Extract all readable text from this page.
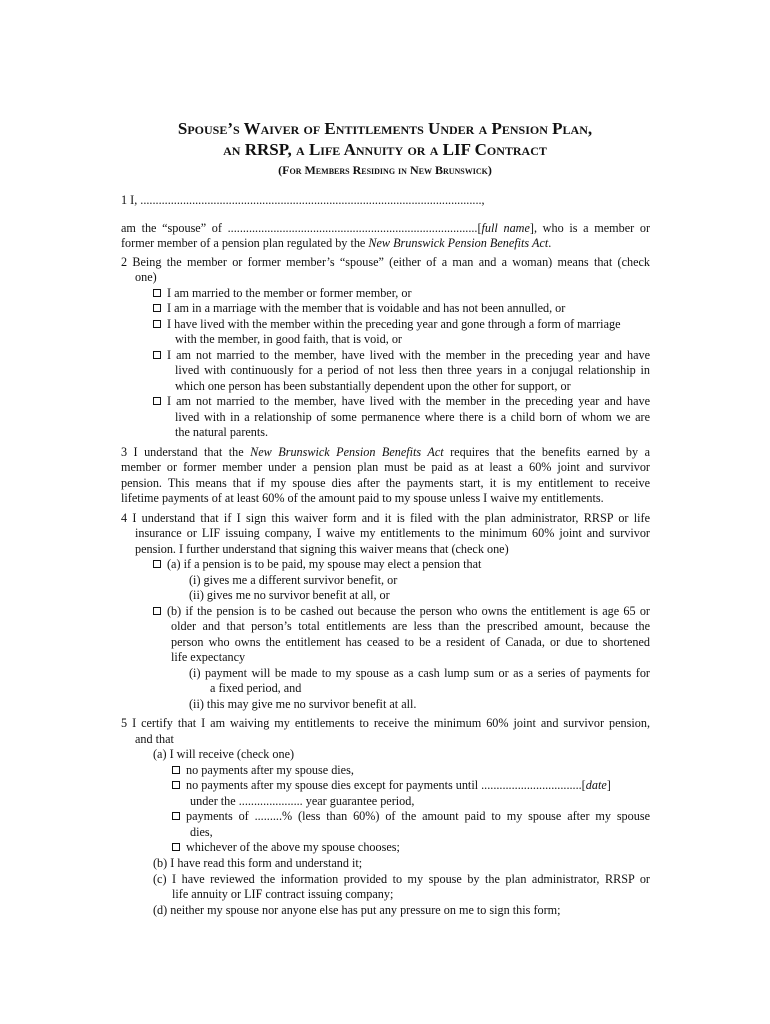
Spouse’s Waiver of Entitlements Under a Pension Plan,
an RRSP, a Life Annuity or a LIF Contract
(For Members Residing in New Brunswick)
1 I, ................................................................................................................,
am the “spouse” of ..................................................................................[full name], who is a member or
former member of a pension plan regulated by the New Brunswick Pension Benefits Act.
2 Being the member or former member’s “spouse” (either of a man and a woman) means that (check
one)
I am married to the member or former member, or
I am in a marriage with the member that is voidable and has not been annulled, or
I have lived with the member within the preceding year and gone through a form of marriage
with the member, in good faith, that is void, or
I am not married to the member, have lived with the member in the preceding year and have
lived with continuously for a period of not less then three years in a conjugal relationship in
which one person has been substantially dependent upon the other for support, or
I am not married to the member, have lived with the member in the preceding year and have
lived with in a relationship of some permanence where there is a child born of whom we are
the natural parents.
3 I understand that the New Brunswick Pension Benefits Act requires that the benefits earned by a
member or former member under a pension plan must be paid as at least a 60% joint and survivor
pension. This means that if my spouse dies after the payments start, it is my entitlement to receive
lifetime payments of at least 60% of the amount paid to my spouse unless I waive my entitlements.
4 I understand that if I sign this waiver form and it is filed with the plan administrator, RRSP or life
insurance or LIF issuing company, I waive my entitlements to the minimum 60% joint and survivor
pension. I further understand that signing this waiver means that (check one)
(a) if a pension is to be paid, my spouse may elect a pension that
(i) gives me a different survivor benefit, or
(ii) gives me no survivor benefit at all, or
(b) if the pension is to be cashed out because the person who owns the entitlement is age 65 or
older and that person’s total entitlements are less than the prescribed amount, because the
person who owns the entitlement has ceased to be a resident of Canada, or due to shortened
life expectancy
(i) payment will be made to my spouse as a cash lump sum or as a series of payments for
a fixed period, and
(ii) this may give me no survivor benefit at all.
5 I certify that I am waiving my entitlements to receive the minimum 60% joint and survivor pension,
and that
(a) I will receive (check one)
no payments after my spouse dies,
no payments after my spouse dies except for payments until .................................[date]
under the ..................... year guarantee period,
payments of .........% (less than 60%) of the amount paid to my spouse after my spouse
dies,
whichever of the above my spouse chooses;
(b) I have read this form and understand it;
(c) I have reviewed the information provided to my spouse by the plan administrator, RRSP or
life annuity or LIF contract issuing company;
(d) neither my spouse nor anyone else has put any pressure on me to sign this form;
